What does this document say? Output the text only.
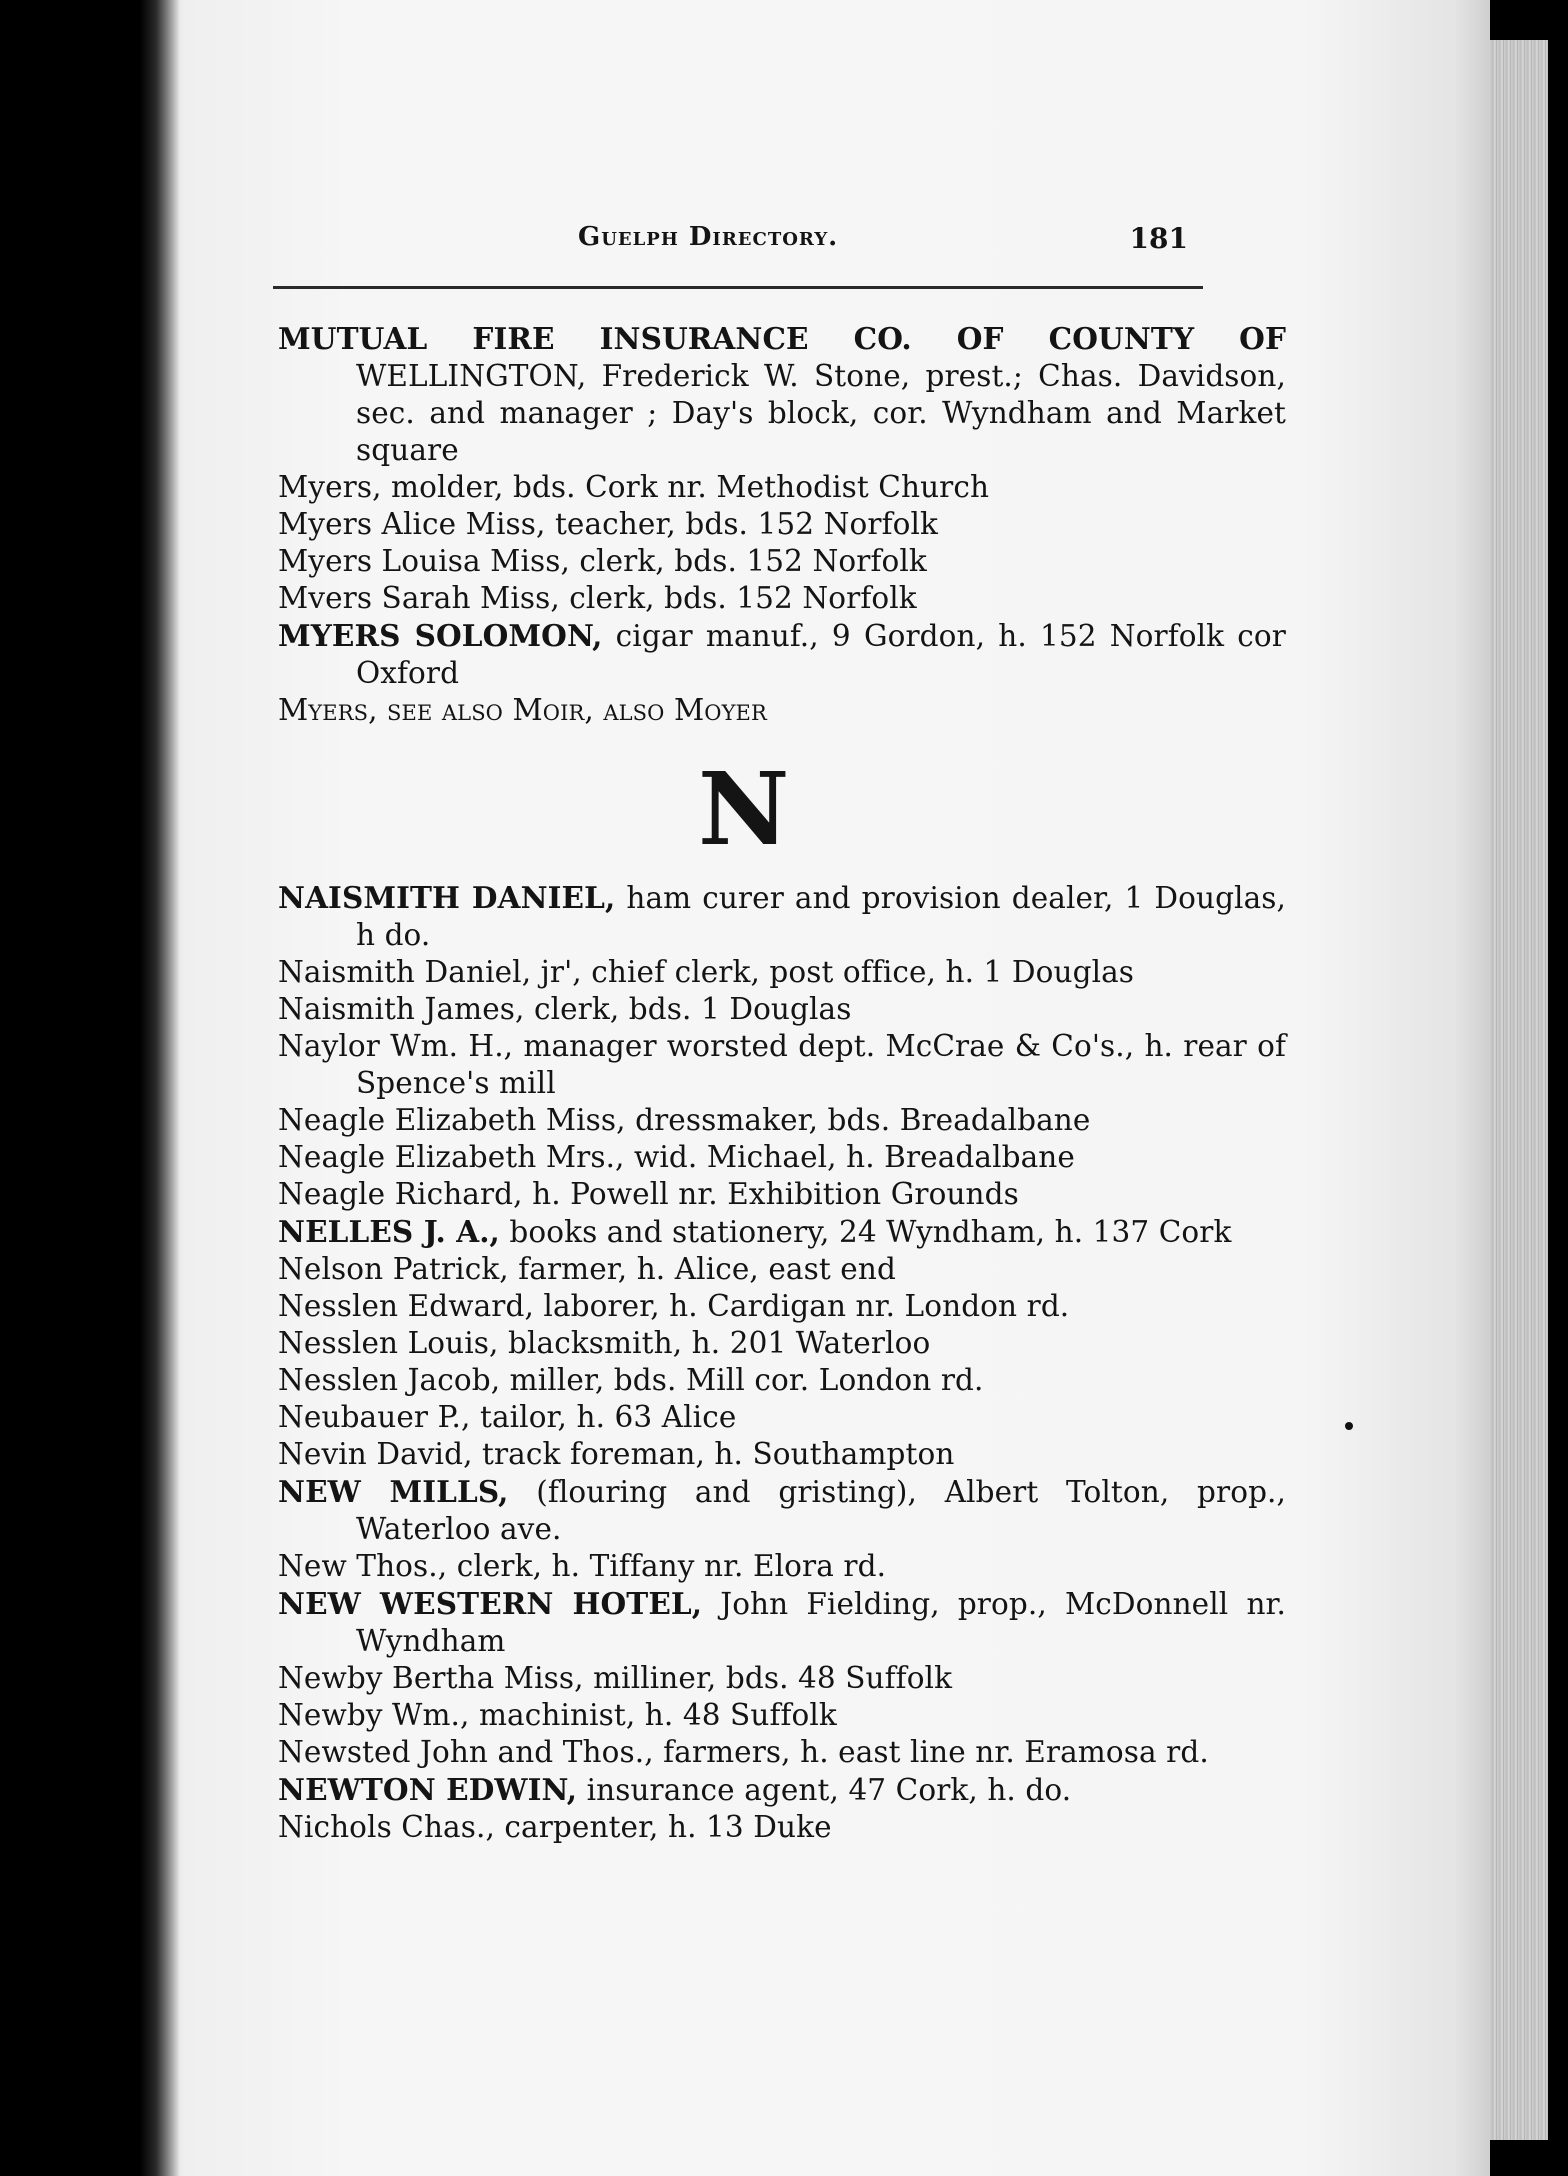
Guelph Directory.	181
MUTUAL FIRE INSURANCE CO. OF COUNTY OF WELLINGTON, Frederick W. Stone, prest.; Chas. Davidson, sec. and manager ; Day's block, cor. Wyndham and Market square
Myers, molder, bds. Cork nr. Methodist Church
Myers Alice Miss, teacher, bds. 152 Norfolk
Myers Louisa Miss, clerk, bds. 152 Norfolk
Mvers Sarah Miss, clerk, bds. 152 Norfolk
MYERS SOLOMON, cigar manuf., 9 Gordon, h. 152 Norfolk cor Oxford
Myers, see also Moir, also Moyer
N
NAISMITH DANIEL, ham curer and provision dealer, 1 Douglas, h do.
Naismith Daniel, jr', chief clerk, post office, h. 1 Douglas
Naismith James, clerk, bds. 1 Douglas
Naylor Wm. H., manager worsted dept. McCrae & Co's., h. rear of Spence's mill
Neagle Elizabeth Miss, dressmaker, bds. Breadalbane
Neagle Elizabeth Mrs., wid. Michael, h. Breadalbane
Neagle Richard, h. Powell nr. Exhibition Grounds
NELLES J. A., books and stationery, 24 Wyndham, h. 137 Cork
Nelson Patrick, farmer, h. Alice, east end
Nesslen Edward, laborer, h. Cardigan nr. London rd.
Nesslen Louis, blacksmith, h. 201 Waterloo
Nesslen Jacob, miller, bds. Mill cor. London rd.
Neubauer P., tailor, h. 63 Alice
Nevin David, track foreman, h. Southampton
NEW MILLS, (flouring and gristing), Albert Tolton, prop., Waterloo ave.
New Thos., clerk, h. Tiffany nr. Elora rd.
NEW WESTERN HOTEL, John Fielding, prop., McDonnell nr. Wyndham
Newby Bertha Miss, milliner, bds. 48 Suffolk
Newby Wm., machinist, h. 48 Suffolk
Newsted John and Thos., farmers, h. east line nr. Eramosa rd.
NEWTON EDWIN, insurance agent, 47 Cork, h. do.
Nichols Chas., carpenter, h. 13 Duke
